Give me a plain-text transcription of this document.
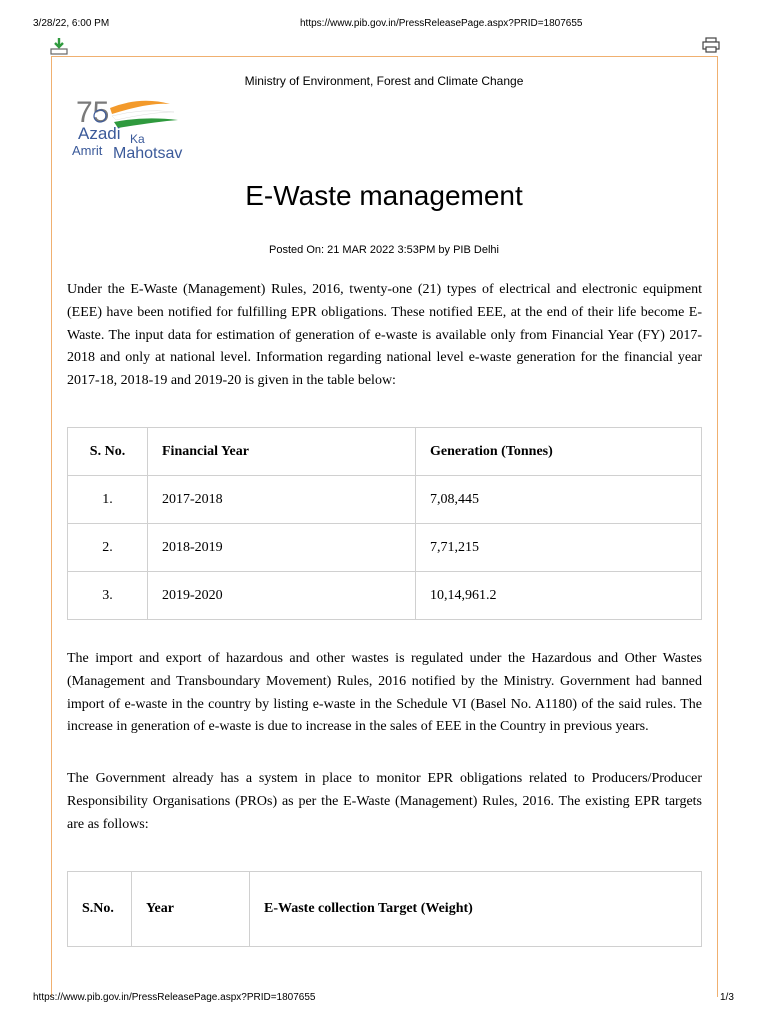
3/28/22, 6:00 PM	https://www.pib.gov.in/PressReleasePage.aspx?PRID=1807655
Ministry of Environment, Forest and Climate Change
75
Azadi Ka
Amrit Mahotsav
E-Waste management
Posted On: 21 MAR 2022 3:53PM by PIB Delhi

Under the E-Waste (Management) Rules, 2016, twenty-one (21) types of electrical and electronic equipment (EEE) have been notified for fulfilling EPR obligations. These notified EEE, at the end of their life become E-Waste. The input data for estimation of generation of e-waste is available only from Financial Year (FY) 2017-2018 and only at national level. Information regarding national level e-waste generation for the financial year 2017-18, 2018-19 and 2019-20 is given in the table below:

S. No.	Financial Year	Generation (Tonnes)
1.	2017-2018	7,08,445
2.	2018-2019	7,71,215
3.	2019-2020	10,14,961.2

The import and export of hazardous and other wastes is regulated under the Hazardous and Other Wastes (Management and Transboundary Movement) Rules, 2016 notified by the Ministry. Government had banned import of e-waste in the country by listing e-waste in the Schedule VI (Basel No. A1180) of the said rules. The increase in generation of e-waste is due to increase in the sales of EEE in the Country in previous years.

The Government already has a system in place to monitor EPR obligations related to Producers/Producer Responsibility Organisations (PROs) as per the E-Waste (Management) Rules, 2016. The existing EPR targets are as follows:

S.No.	Year	E-Waste collection Target (Weight)
https://www.pib.gov.in/PressReleasePage.aspx?PRID=1807655	1/3
